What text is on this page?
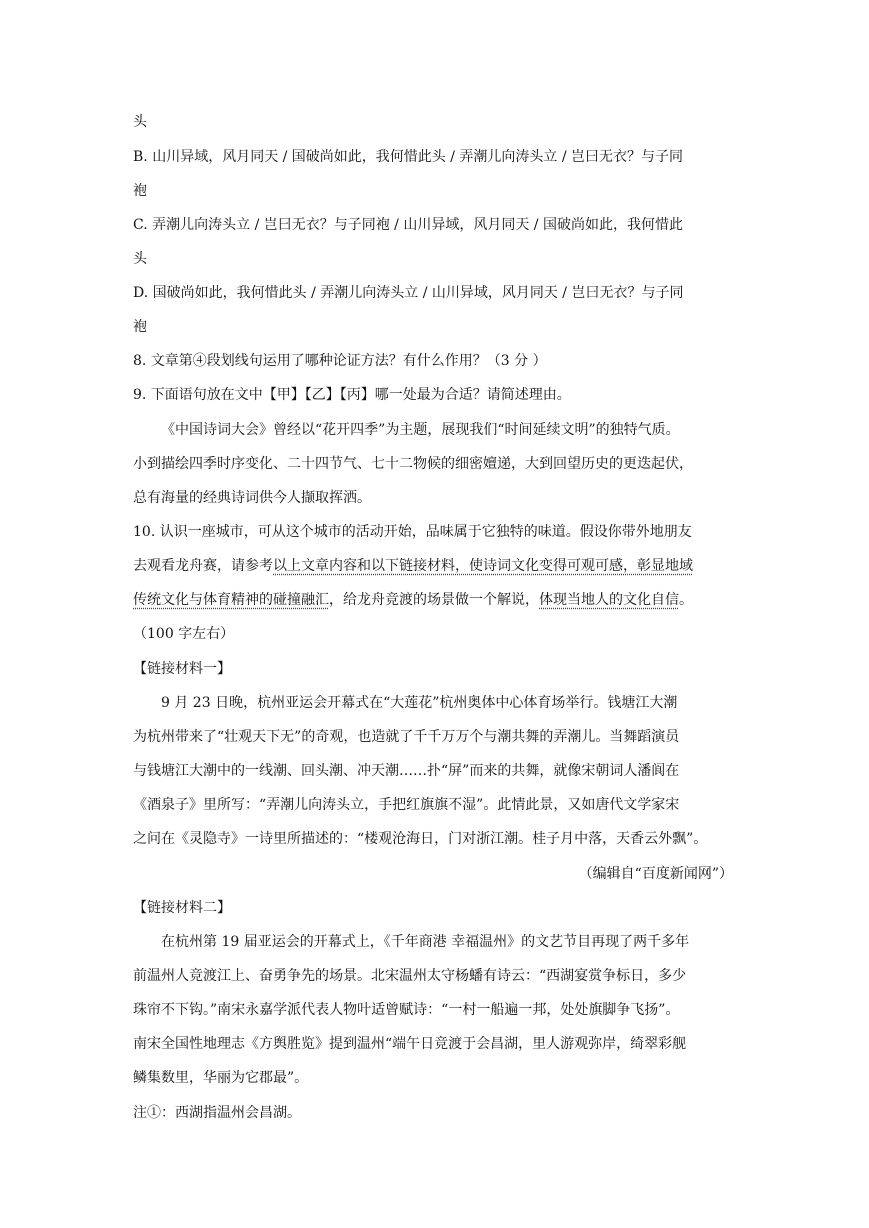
头
B. 山川异域，风月同天 / 国破尚如此，我何惜此头 / 弄潮儿向涛头立 / 岂曰无衣？与子同
袍
C. 弄潮儿向涛头立 / 岂曰无衣？与子同袍 / 山川异域，风月同天 / 国破尚如此，我何惜此
头
D. 国破尚如此，我何惜此头 / 弄潮儿向涛头立 / 山川异域，风月同天 / 岂曰无衣？与子同
袍
8. 文章第④段划线句运用了哪种论证方法？有什么作用？（3 分 ）
9. 下面语句放在文中【甲】【乙】【丙】哪一处最为合适？请简述理由。
《中国诗词大会》曾经以“花开四季”为主题，展现我们“时间延续文明”的独特气质。
小到描绘四季时序变化、二十四节气、七十二物候的细密嬗递，大到回望历史的更迭起伏，
总有海量的经典诗词供今人撷取挥洒。
10. 认识一座城市，可从这个城市的活动开始，品味属于它独特的味道。假设你带外地朋友
去观看龙舟赛，请参考以上文章内容和以下链接材料，使诗词文化变得可观可感，彰显地域
传统文化与体育精神的碰撞融汇，给龙舟竞渡的场景做一个解说，体现当地人的文化自信。
（100 字左右）
【链接材料一】
9 月 23 日晚，杭州亚运会开幕式在“大莲花”杭州奥体中心体育场举行。钱塘江大潮
为杭州带来了“壮观天下无”的奇观，也造就了千千万万个与潮共舞的弄潮儿。当舞蹈演员
与钱塘江大潮中的一线潮、回头潮、冲天潮……扑“屏”而来的共舞，就像宋朝词人潘阆在
《酒泉子》里所写：“弄潮儿向涛头立，手把红旗旗不湿”。此情此景，又如唐代文学家宋
之问在《灵隐寺》一诗里所描述的：“楼观沧海日，门对浙江潮。桂子月中落，天香云外飘”。
（编辑自“百度新闻网”）
【链接材料二】
在杭州第 19 届亚运会的开幕式上，《千年商港 幸福温州》的文艺节目再现了两千多年
前温州人竞渡江上、奋勇争先的场景。北宋温州太守杨蟠有诗云：“西湖宴赏争标日，多少
珠帘不下钩。”南宋永嘉学派代表人物叶适曾赋诗：“一村一船遍一邦，处处旗脚争飞扬”。
南宋全国性地理志《方舆胜览》提到温州“端午日竞渡于会昌湖，里人游观弥岸，绮翠彩舰
鳞集数里，华丽为它郡最”。
注①：西湖指温州会昌湖。
